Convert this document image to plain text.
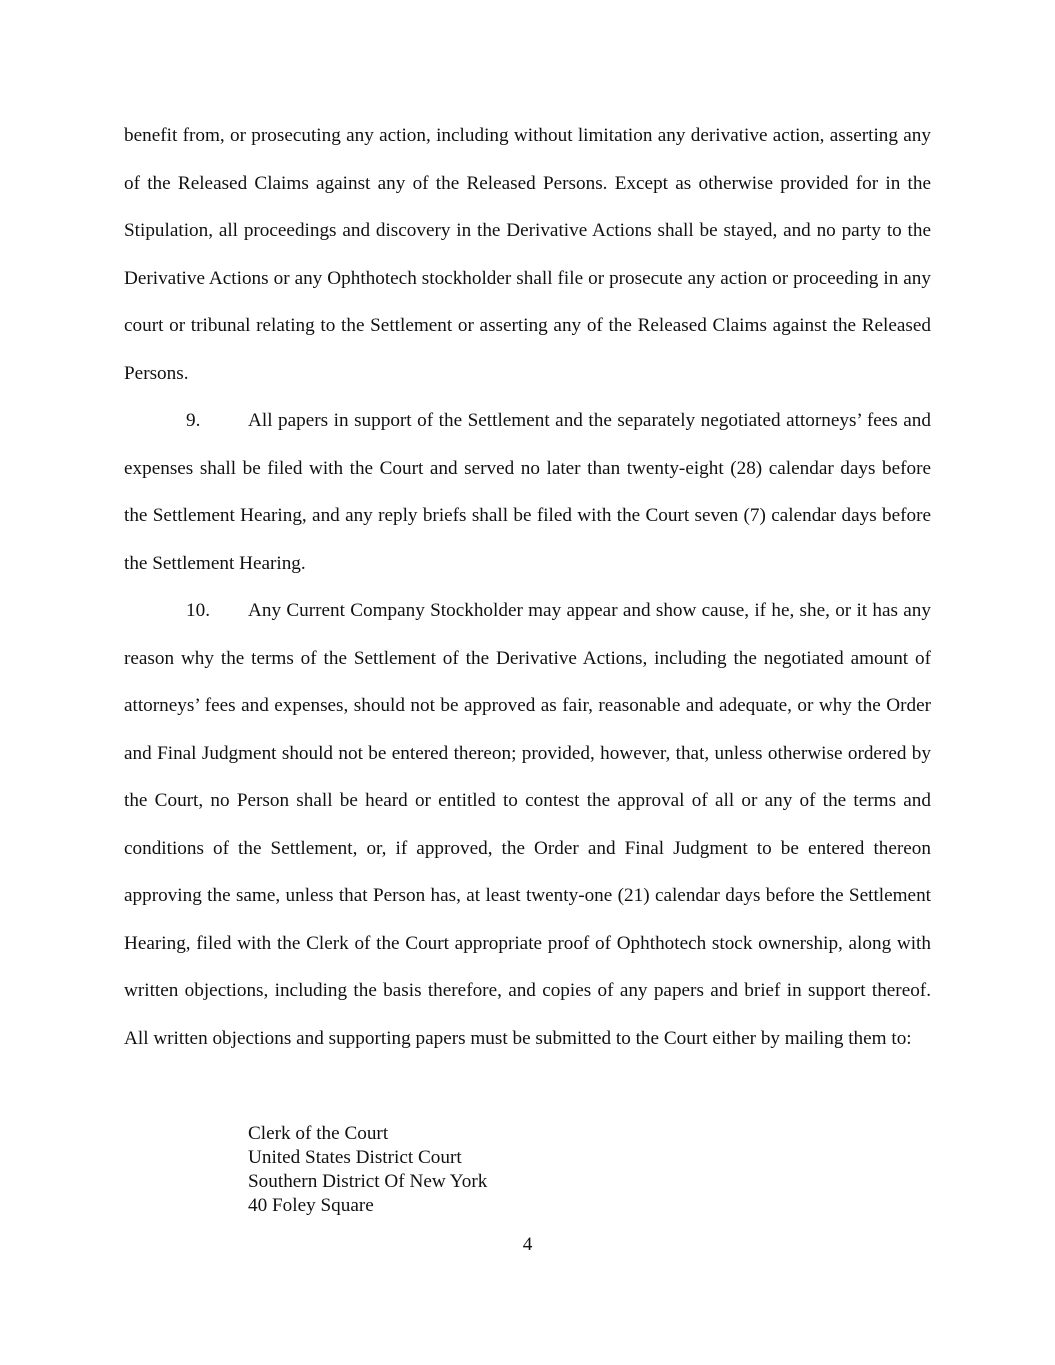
benefit from, or prosecuting any action, including without limitation any derivative action, asserting any of the Released Claims against any of the Released Persons. Except as otherwise provided for in the Stipulation, all proceedings and discovery in the Derivative Actions shall be stayed, and no party to the Derivative Actions or any Ophthotech stockholder shall file or prosecute any action or proceeding in any court or tribunal relating to the Settlement or asserting any of the Released Claims against the Released Persons.

9. All papers in support of the Settlement and the separately negotiated attorneys’ fees and expenses shall be filed with the Court and served no later than twenty-eight (28) calendar days before the Settlement Hearing, and any reply briefs shall be filed with the Court seven (7) calendar days before the Settlement Hearing.

10. Any Current Company Stockholder may appear and show cause, if he, she, or it has any reason why the terms of the Settlement of the Derivative Actions, including the negotiated amount of attorneys’ fees and expenses, should not be approved as fair, reasonable and adequate, or why the Order and Final Judgment should not be entered thereon; provided, however, that, unless otherwise ordered by the Court, no Person shall be heard or entitled to contest the approval of all or any of the terms and conditions of the Settlement, or, if approved, the Order and Final Judgment to be entered thereon approving the same, unless that Person has, at least twenty-one (21) calendar days before the Settlement Hearing, filed with the Clerk of the Court appropriate proof of Ophthotech stock ownership, along with written objections, including the basis therefore, and copies of any papers and brief in support thereof. All written objections and supporting papers must be submitted to the Court either by mailing them to:

Clerk of the Court
United States District Court
Southern District Of New York
40 Foley Square
4
